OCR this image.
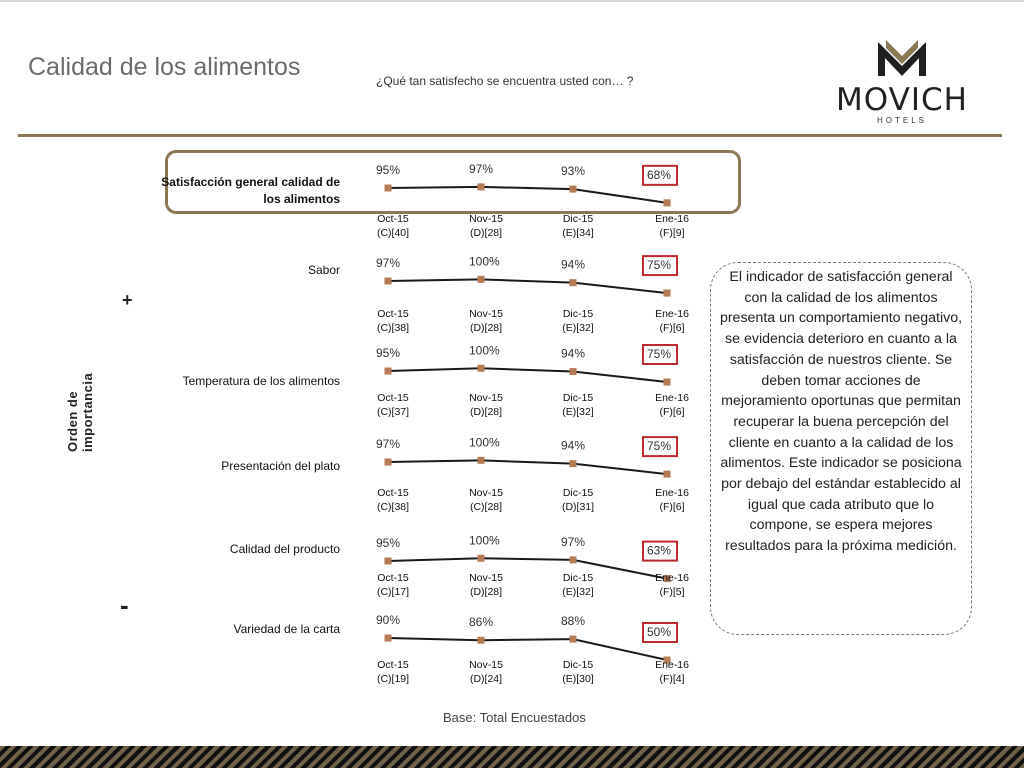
Calidad de los alimentos
¿Qué tan satisfecho se encuentra usted con… ?
MOVICH
HOTELS
Orden de importancia
+
-
Satisfacción general calidad de los alimentos
Sabor
Temperatura de los alimentos
Presentación del plato
Calidad del producto
Variedad de la carta
95%
Oct-15
(C)[40]
97%
Nov-15
(D)[28]
93%
Dic-15
(E)[34]
68%
Ene-16
(F)[9]
97%
Oct-15
(C)[38]
100%
Nov-15
(D)[28]
94%
Dic-15
(E)[32]
75%
Ene-16
(F)[6]
95%
Oct-15
(C)[37]
100%
Nov-15
(D)[28]
94%
Dic-15
(E)[32]
75%
Ene-16
(F)[6]
97%
Oct-15
(C)[38]
100%
Nov-15
(C)[28]
94%
Dic-15
(D)[31]
75%
Ene-16
(F)[6]
95%
Oct-15
(C)[17]
100%
Nov-15
(D)[28]
97%
Dic-15
(E)[32]
63%
Ene-16
(F)[5]
90%
Oct-15
(C)[19]
86%
Nov-15
(D)[24]
88%
Dic-15
(E)[30]
50%
Ene-16
(F)[4]
El indicador de satisfacción general con la calidad de los alimentos presenta un comportamiento negativo, se evidencia deterioro en cuanto a la satisfacción de nuestros cliente. Se deben tomar acciones de mejoramiento oportunas que permitan recuperar la buena percepción del cliente en cuanto a la calidad de los alimentos. Este indicador se posiciona por debajo del estándar establecido al igual que cada atributo que lo compone, se espera mejores resultados para la próxima medición.
Base: Total Encuestados
